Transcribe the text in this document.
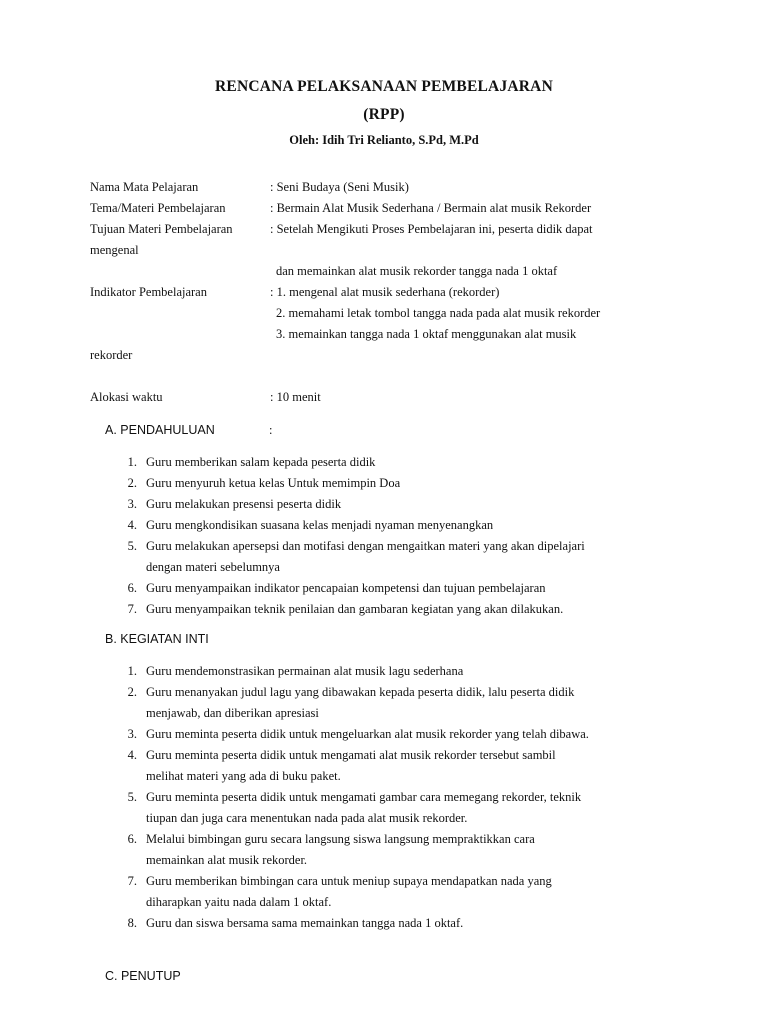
RENCANA PELAKSANAAN PEMBELAJARAN
(RPP)
Oleh: Idih Tri Relianto, S.Pd, M.Pd
Nama Mata Pelajaran	: Seni Budaya (Seni Musik)
Tema/Materi Pembelajaran	: Bermain Alat Musik Sederhana / Bermain alat musik Rekorder
Tujuan Materi Pembelajaran	: Setelah Mengikuti Proses Pembelajaran ini, peserta didik dapat
mengenal
dan memainkan alat musik rekorder tangga nada 1 oktaf
Indikator Pembelajaran	: 1. mengenal alat musik sederhana (rekorder)
2. memahami letak tombol tangga nada pada alat musik rekorder
3. memainkan tangga nada 1 oktaf menggunakan alat musik
rekorder
Alokasi waktu	: 10 menit
A. PENDAHULUAN	:
1. Guru memberikan salam kepada peserta didik
2. Guru menyuruh ketua kelas Untuk memimpin Doa
3. Guru melakukan presensi peserta didik
4. Guru mengkondisikan suasana kelas menjadi nyaman menyenangkan
5. Guru melakukan apersepsi dan motifasi dengan mengaitkan materi yang akan dipelajari
dengan materi sebelumnya
6. Guru menyampaikan indikator pencapaian kompetensi dan tujuan pembelajaran
7. Guru menyampaikan teknik penilaian dan gambaran kegiatan yang akan dilakukan.
B. KEGIATAN INTI
1. Guru mendemonstrasikan permainan alat musik lagu sederhana
2. Guru menanyakan judul lagu yang dibawakan kepada peserta didik, lalu peserta didik
menjawab, dan diberikan apresiasi
3. Guru meminta peserta didik untuk mengeluarkan alat musik rekorder yang telah dibawa.
4. Guru meminta peserta didik untuk mengamati alat musik rekorder tersebut sambil
melihat materi yang ada di buku paket.
5. Guru meminta peserta didik untuk mengamati gambar cara memegang rekorder, teknik
tiupan dan juga cara menentukan nada pada alat musik rekorder.
6. Melalui bimbingan guru secara langsung siswa langsung mempraktikkan cara
memainkan alat musik rekorder.
7. Guru memberikan bimbingan cara untuk meniup supaya mendapatkan nada yang
diharapkan yaitu nada dalam 1 oktaf.
8. Guru dan siswa bersama sama memainkan tangga nada 1 oktaf.
C. PENUTUP
